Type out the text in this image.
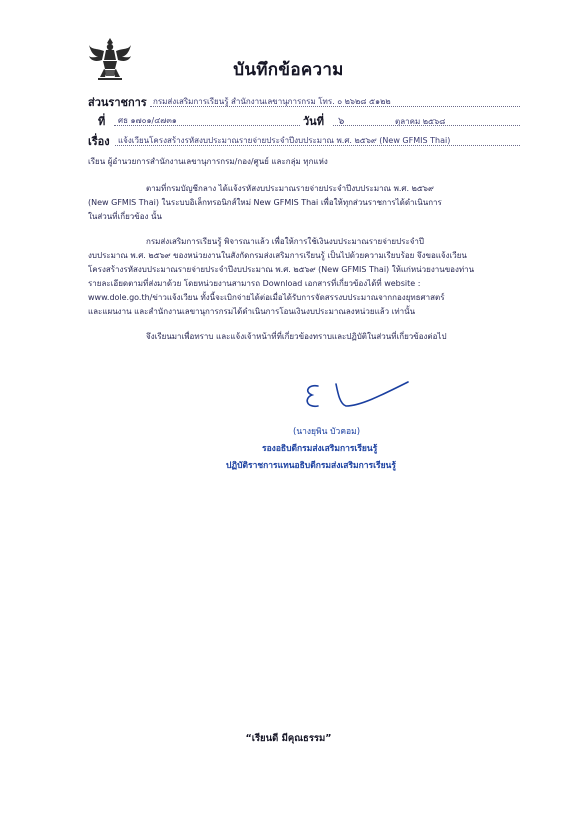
บันทึกข้อความ
ส่วนราชการ กรมส่งเสริมการเรียนรู้ สำนักงานเลขานุการกรม โทร. ๐ ๒๖๒๘ ๕๑๒๒
ที่ ศธ ๑๗๐๑/๔๗๓๑	วันที่ ๖	ตุลาคม ๒๕๖๘
เรื่อง แจ้งเวียนโครงสร้างรหัสงบประมาณรายจ่ายประจำปีงบประมาณ พ.ศ. ๒๕๖๙ (New GFMIS Thai)
เรียน ผู้อำนวยการสำนักงานเลขานุการกรม/กอง/ศูนย์ และกลุ่ม ทุกแห่ง
ตามที่กรมบัญชีกลาง ได้แจ้งรหัสงบประมาณรายจ่ายประจำปีงบประมาณ พ.ศ. ๒๕๖๙
(New GFMIS Thai) ในระบบอิเล็กทรอนิกส์ใหม่ New GFMIS Thai เพื่อให้ทุกส่วนราชการได้ดำเนินการ
ในส่วนที่เกี่ยวข้อง นั้น
กรมส่งเสริมการเรียนรู้ พิจารณาแล้ว เพื่อให้การใช้เงินงบประมาณรายจ่ายประจำปี
งบประมาณ พ.ศ. ๒๕๖๙ ของหน่วยงานในสังกัดกรมส่งเสริมการเรียนรู้ เป็นไปด้วยความเรียบร้อย จึงขอแจ้งเวียน
โครงสร้างรหัสงบประมาณรายจ่ายประจำปีงบประมาณ พ.ศ. ๒๕๖๙ (New GFMIS Thai) ให้แก่หน่วยงานของท่าน
รายละเอียดตามที่ส่งมาด้วย โดยหน่วยงานสามารถ Download เอกสารที่เกี่ยวข้องได้ที่ website :
www.dole.go.th/ข่าวแจ้งเวียน ทั้งนี้จะเบิกจ่ายได้ต่อเมื่อได้รับการจัดสรรงบประมาณจากกองยุทธศาสตร์
และแผนงาน และสำนักงานเลขานุการกรมได้ดำเนินการโอนเงินงบประมาณลงหน่วยแล้ว เท่านั้น
จึงเรียนมาเพื่อทราบ และแจ้งเจ้าหน้าที่ที่เกี่ยวข้องทราบและปฏิบัติในส่วนที่เกี่ยวข้องต่อไป
(นางยุพิน บัวคอม)
รองอธิบดีกรมส่งเสริมการเรียนรู้
ปฏิบัติราชการแทนอธิบดีกรมส่งเสริมการเรียนรู้
“เรียนดี มีคุณธรรม”
